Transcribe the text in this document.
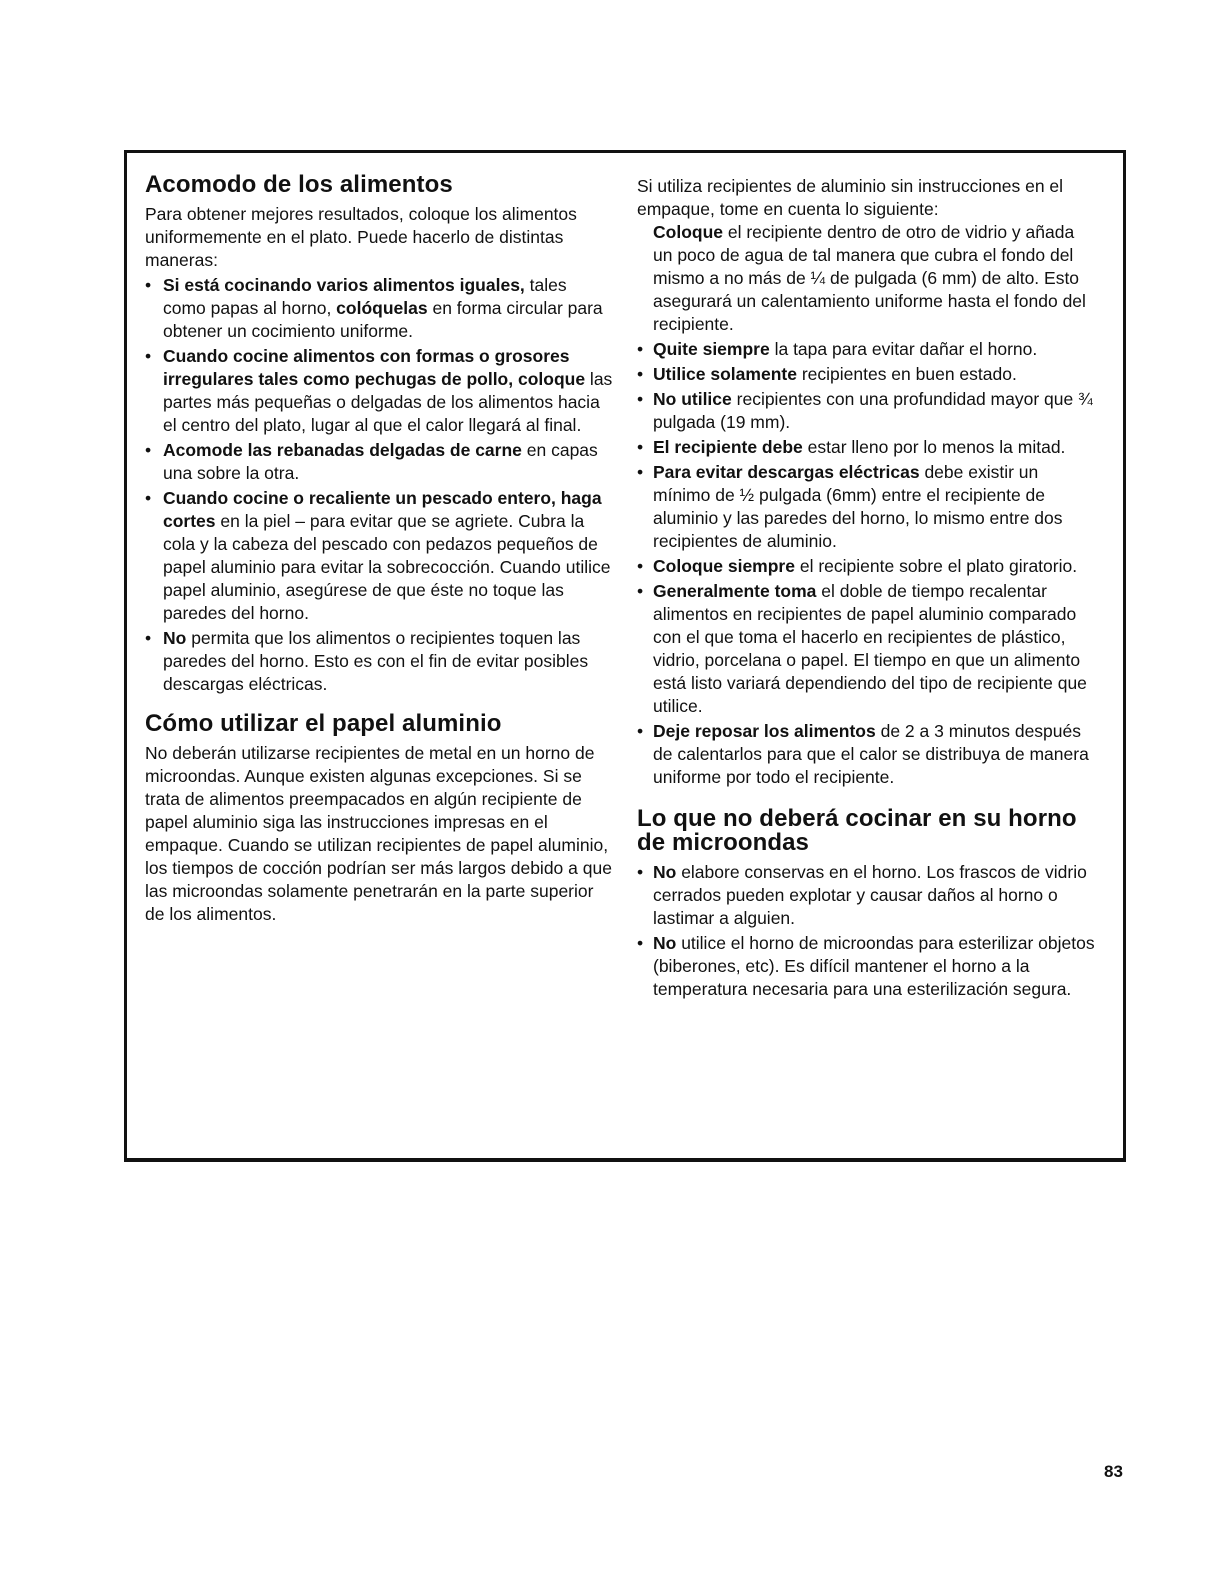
Acomodo de los alimentos

Para obtener mejores resultados, coloque los alimentos uniformemente en el plato. Puede hacerlo de distintas maneras:

• Si está cocinando varios alimentos iguales, tales como papas al horno, colóquelas en forma circular para obtener un cocimiento uniforme.
• Cuando cocine alimentos con formas o grosores irregulares tales como pechugas de pollo, coloque las partes más pequeñas o delgadas de los alimentos hacia el centro del plato, lugar al que el calor llegará al final.
• Acomode las rebanadas delgadas de carne en capas una sobre la otra.
• Cuando cocine o recaliente un pescado entero, haga cortes en la piel – para evitar que se agriete. Cubra la cola y la cabeza del pescado con pedazos pequeños de papel aluminio para evitar la sobrecocción. Cuando utilice papel aluminio, asegúrese de que éste no toque las paredes del horno.
• No permita que los alimentos o recipientes toquen las paredes del horno. Esto es con el fin de evitar posibles descargas eléctricas.
Cómo utilizar el papel aluminio

No deberán utilizarse recipientes de metal en un horno de microondas. Aunque existen algunas excepciones. Si se trata de alimentos preempacados en algún recipiente de papel aluminio siga las instrucciones impresas en el empaque. Cuando se utilizan recipientes de papel aluminio, los tiempos de cocción podrían ser más largos debido a que las microondas solamente penetrarán en la parte superior de los alimentos.

Si utiliza recipientes de aluminio sin instrucciones en el empaque, tome en cuenta lo siguiente:

Coloque el recipiente dentro de otro de vidrio y añada un poco de agua de tal manera que cubra el fondo del mismo a no más de ¼ de pulgada (6 mm) de alto. Esto asegurará un calentamiento uniforme hasta el fondo del recipiente.

• Quite siempre la tapa para evitar dañar el horno.
• Utilice solamente recipientes en buen estado.
• No utilice recipientes con una profundidad mayor que ¾ pulgada (19 mm).
• El recipiente debe estar lleno por lo menos la mitad.
• Para evitar descargas eléctricas debe existir un mínimo de ½ pulgada (6mm) entre el recipiente de aluminio y las paredes del horno, lo mismo entre dos recipientes de aluminio.
• Coloque siempre el recipiente sobre el plato giratorio.
• Generalmente toma el doble de tiempo recalentar alimentos en recipientes de papel aluminio comparado con el que toma el hacerlo en recipientes de plástico, vidrio, porcelana o papel. El tiempo en que un alimento está listo variará dependiendo del tipo de recipiente que utilice.
• Deje reposar los alimentos de 2 a 3 minutos después de calentarlos para que el calor se distribuya de manera uniforme por todo el recipiente.
Lo que no deberá cocinar en su horno de microondas
• No elabore conservas en el horno. Los frascos de vidrio cerrados pueden explotar y causar daños al horno o lastimar a alguien.
• No utilice el horno de microondas para esterilizar objetos (biberones, etc). Es difícil mantener el horno a la temperatura necesaria para una esterilización segura.
83
